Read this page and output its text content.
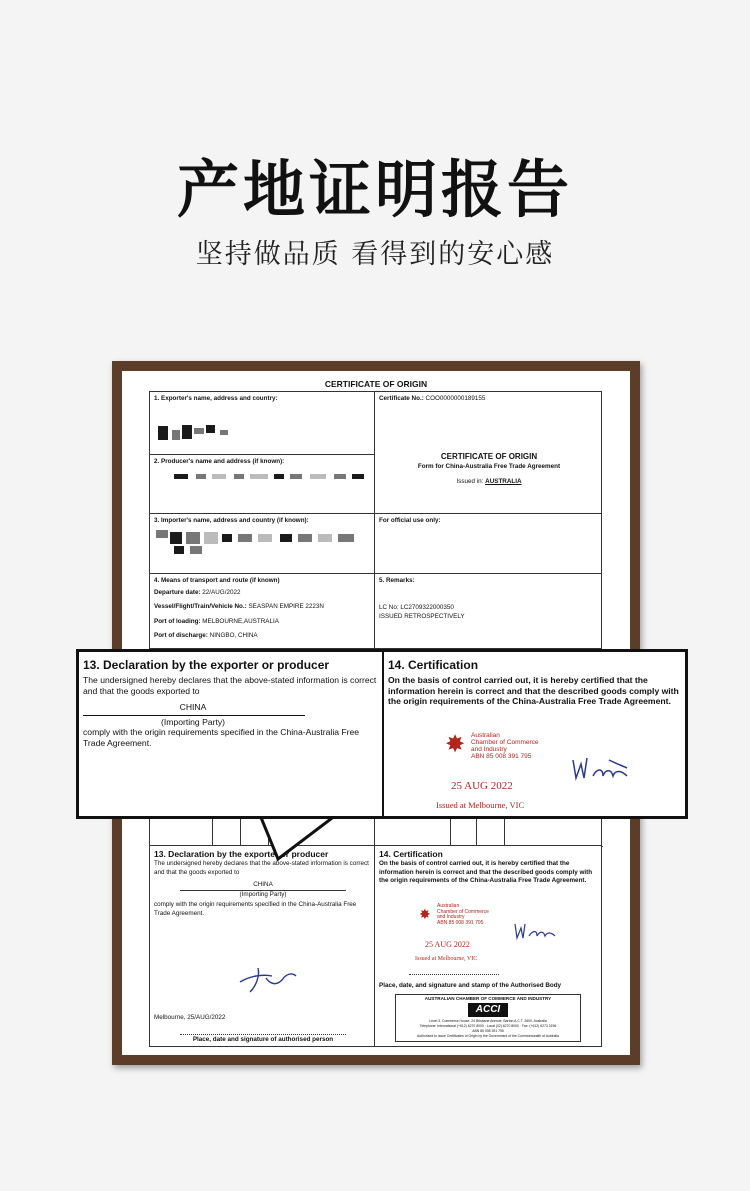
产地证明报告
坚持做品质 看得到的安心感
CERTIFICATE OF ORIGIN
1. Exporter's name, address and country:
2. Producer's name and address (if known):
3. Importer's name, address and country (if known):
Certificate No.: COO0000000189155
CERTIFICATE OF ORIGIN
Form for China-Australia Free Trade Agreement
Issued in: AUSTRALIA
For official use only:
4. Means of transport and route (if known)
Departure date: 22/AUG/2022
Vessel/Flight/Train/Vehicle No.: SEASPAN EMPIRE 2223N
Port of loading: MELBOURNE,AUSTRALIA
Port of discharge: NINGBO, CHINA
5. Remarks:
LC No: LC2709322000350
ISSUED RETROSPECTIVELY
13. Declaration by the exporter or producer
The undersigned hereby declares that the above-stated information is correct and that the goods exported to
CHINA
(Importing Party)
comply with the origin requirements specified in the China-Australia Free Trade Agreement.
Melbourne, 25/AUG/2022
Place, date and signature of authorised person
14. Certification
On the basis of control carried out, it is hereby certified that the information herein is correct and that the described goods comply with the origin requirements of the China-Australia Free Trade Agreement.
✸ Australian
Chamber of Commerce
and Industry
ABN 85 008 391 795
25 AUG 2022
Issued at Melbourne, VIC
Place, date, and signature and stamp of the Authorised Body
AUSTRALIAN CHAMBER OF COMMERCE AND INDUSTRY
ACCI
Level 3, Commerce House, 24 Brisbane Avenue, Barton A.C.T. 2600, Australia
Telephone: International (+612) 6270 8000 · Local (02) 6270 8000 · Fax: (+612) 6273 3196
ABN 85 008 391 795
Authorised to issue Certificates of Origin by the Government of the Commonwealth of Australia
13. Declaration by the exporter or producer
The undersigned hereby declares that the above-stated information is correct and that the goods exported to
CHINA
(Importing Party)
comply with the origin requirements specified in the China-Australia Free Trade Agreement.
14. Certification
On the basis of control carried out, it is hereby certified that the information herein is correct and that the described goods comply with the origin requirements of the China-Australia Free Trade Agreement.
✸ Australian
Chamber of Commerce
and Industry
ABN 85 008 391 795
25 AUG 2022
Issued at Melbourne, VIC
